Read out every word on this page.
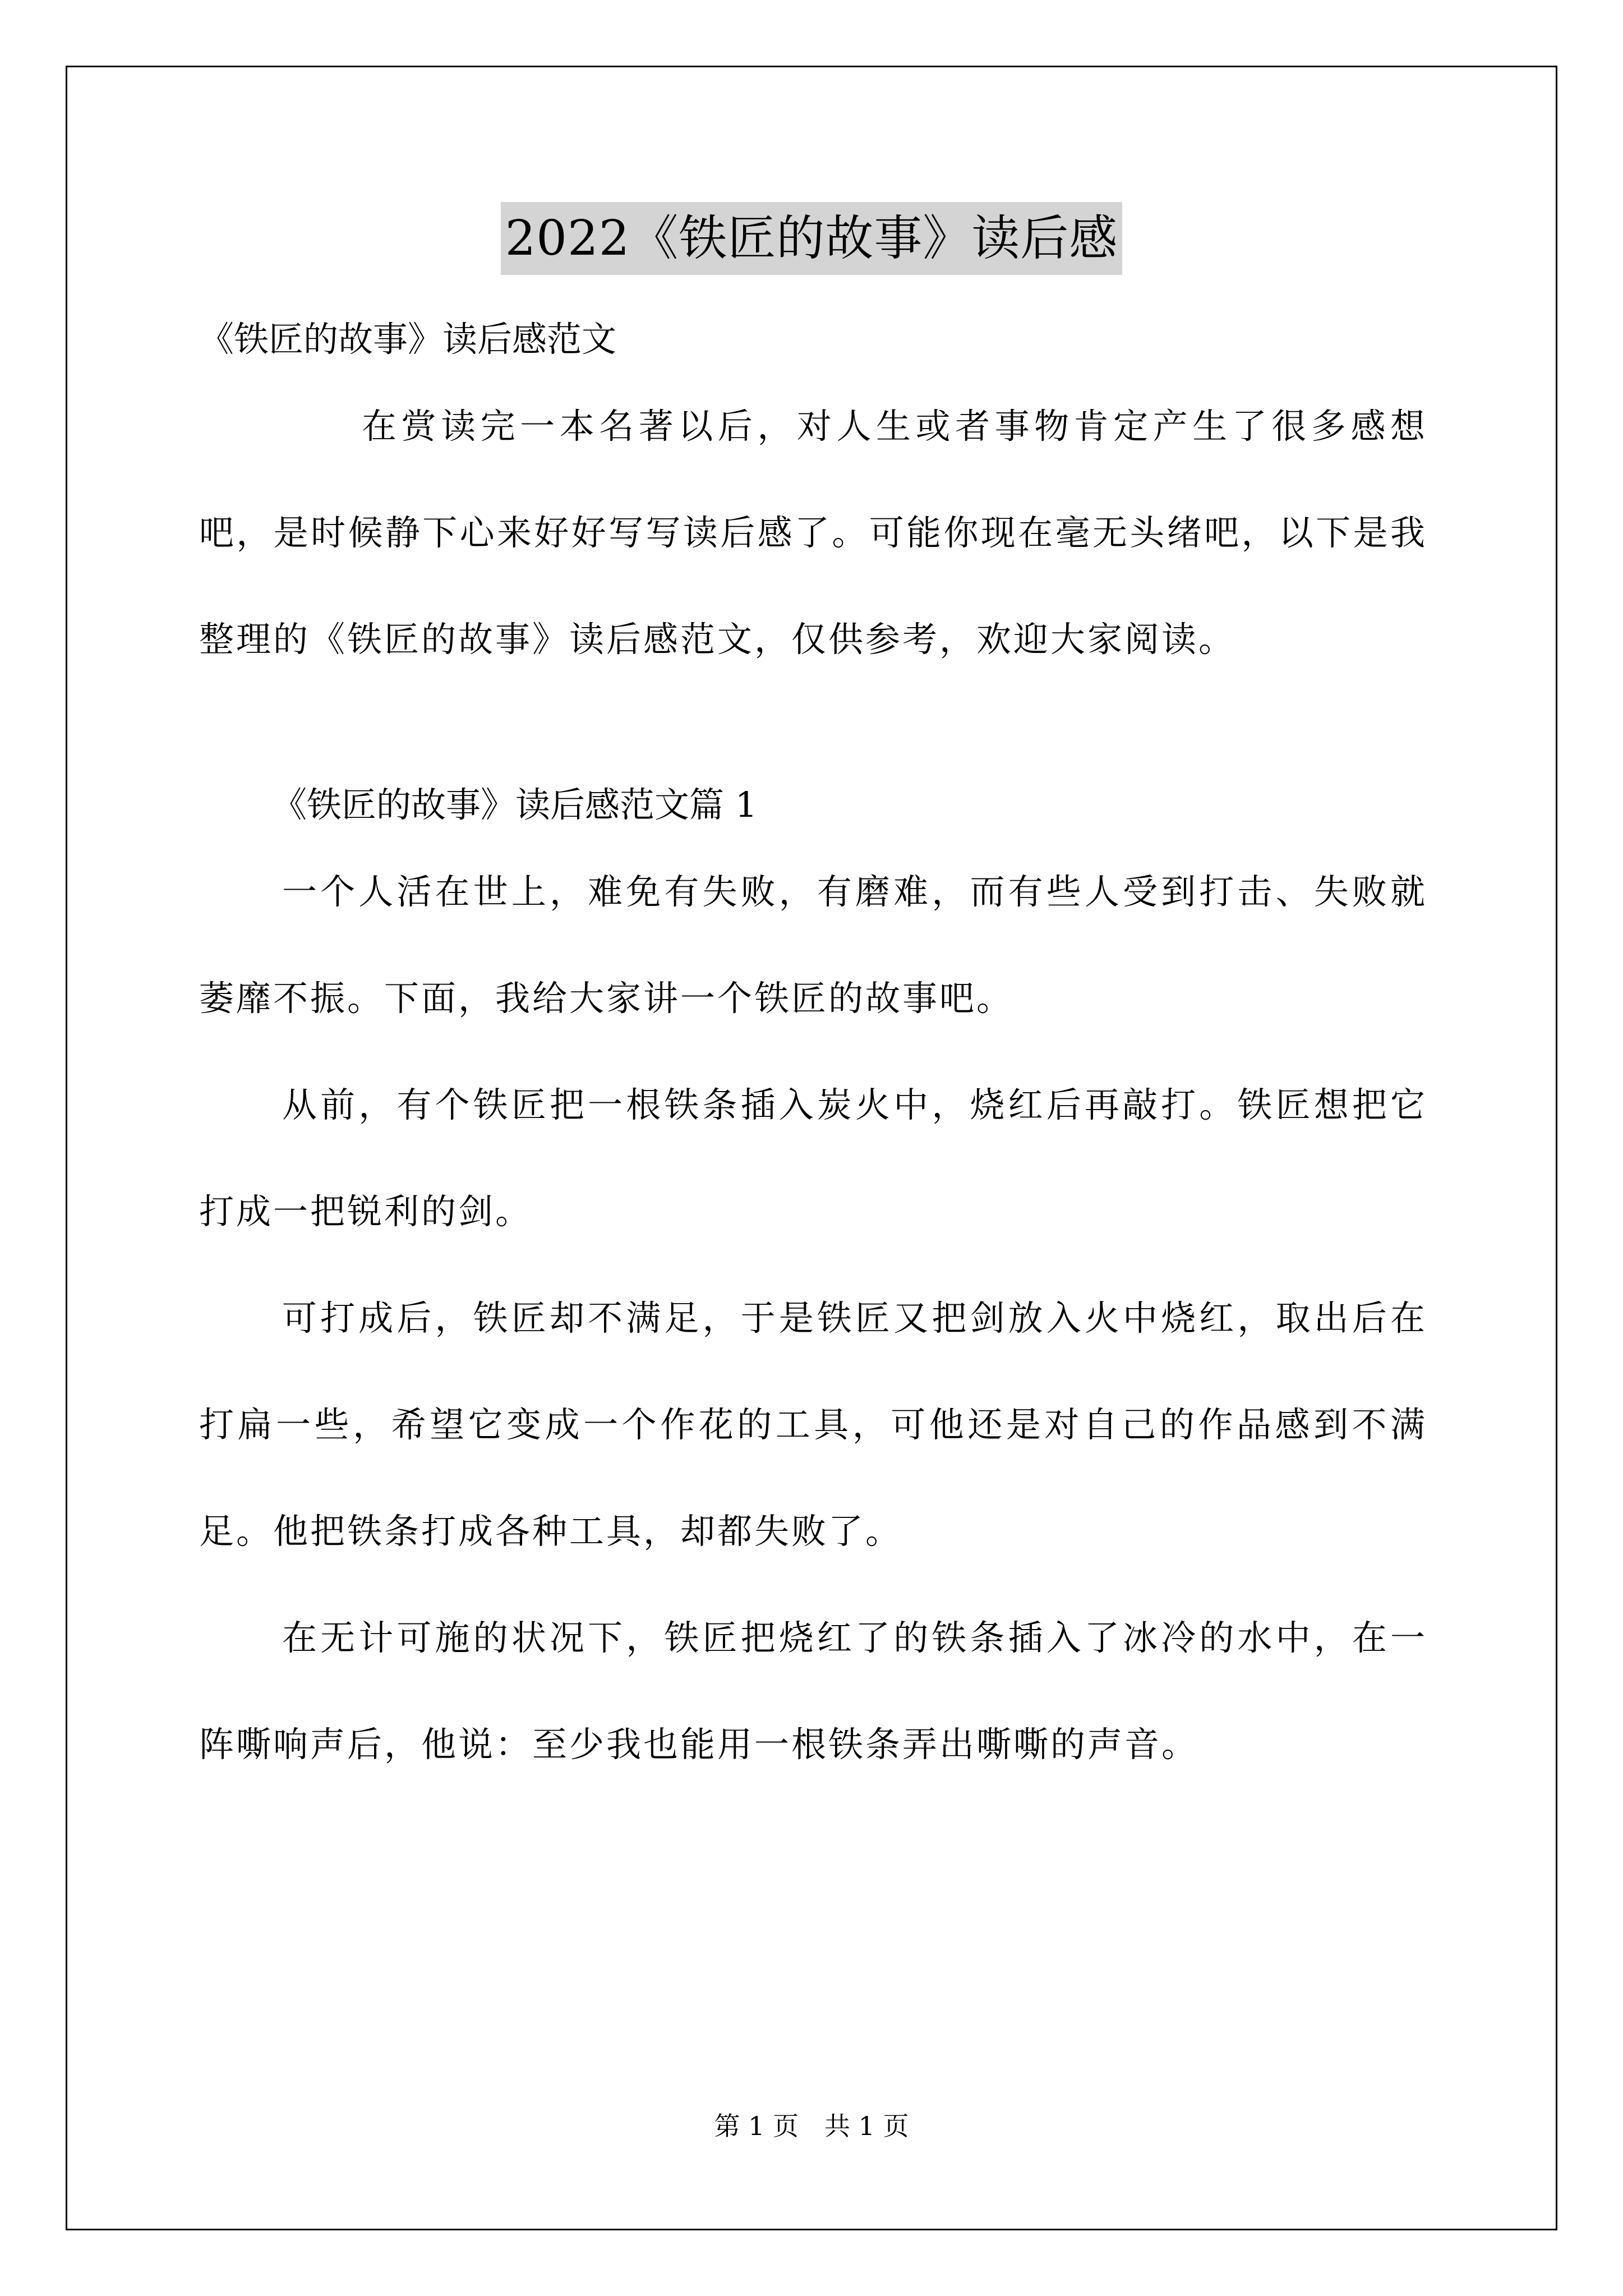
2022《铁匠的故事》读后感

《铁匠的故事》读后感范文

在赏读完一本名著以后，对人生或者事物肯定产生了很多感想吧，是时候静下心来好好写写读后感了。可能你现在毫无头绪吧，以下是我整理的《铁匠的故事》读后感范文，仅供参考，欢迎大家阅读。

《铁匠的故事》读后感范文篇 1

一个人活在世上，难免有失败，有磨难，而有些人受到打击、失败就萎靡不振。下面，我给大家讲一个铁匠的故事吧。

从前，有个铁匠把一根铁条插入炭火中，烧红后再敲打。铁匠想把它打成一把锐利的剑。

可打成后，铁匠却不满足，于是铁匠又把剑放入火中烧红，取出后在打扁一些，希望它变成一个作花的工具，可他还是对自己的作品感到不满足。他把铁条打成各种工具，却都失败了。

在无计可施的状况下，铁匠把烧红了的铁条插入了冰冷的水中，在一阵嘶响声后，他说：至少我也能用一根铁条弄出嘶嘶的声音。

第 1 页　共 1 页
